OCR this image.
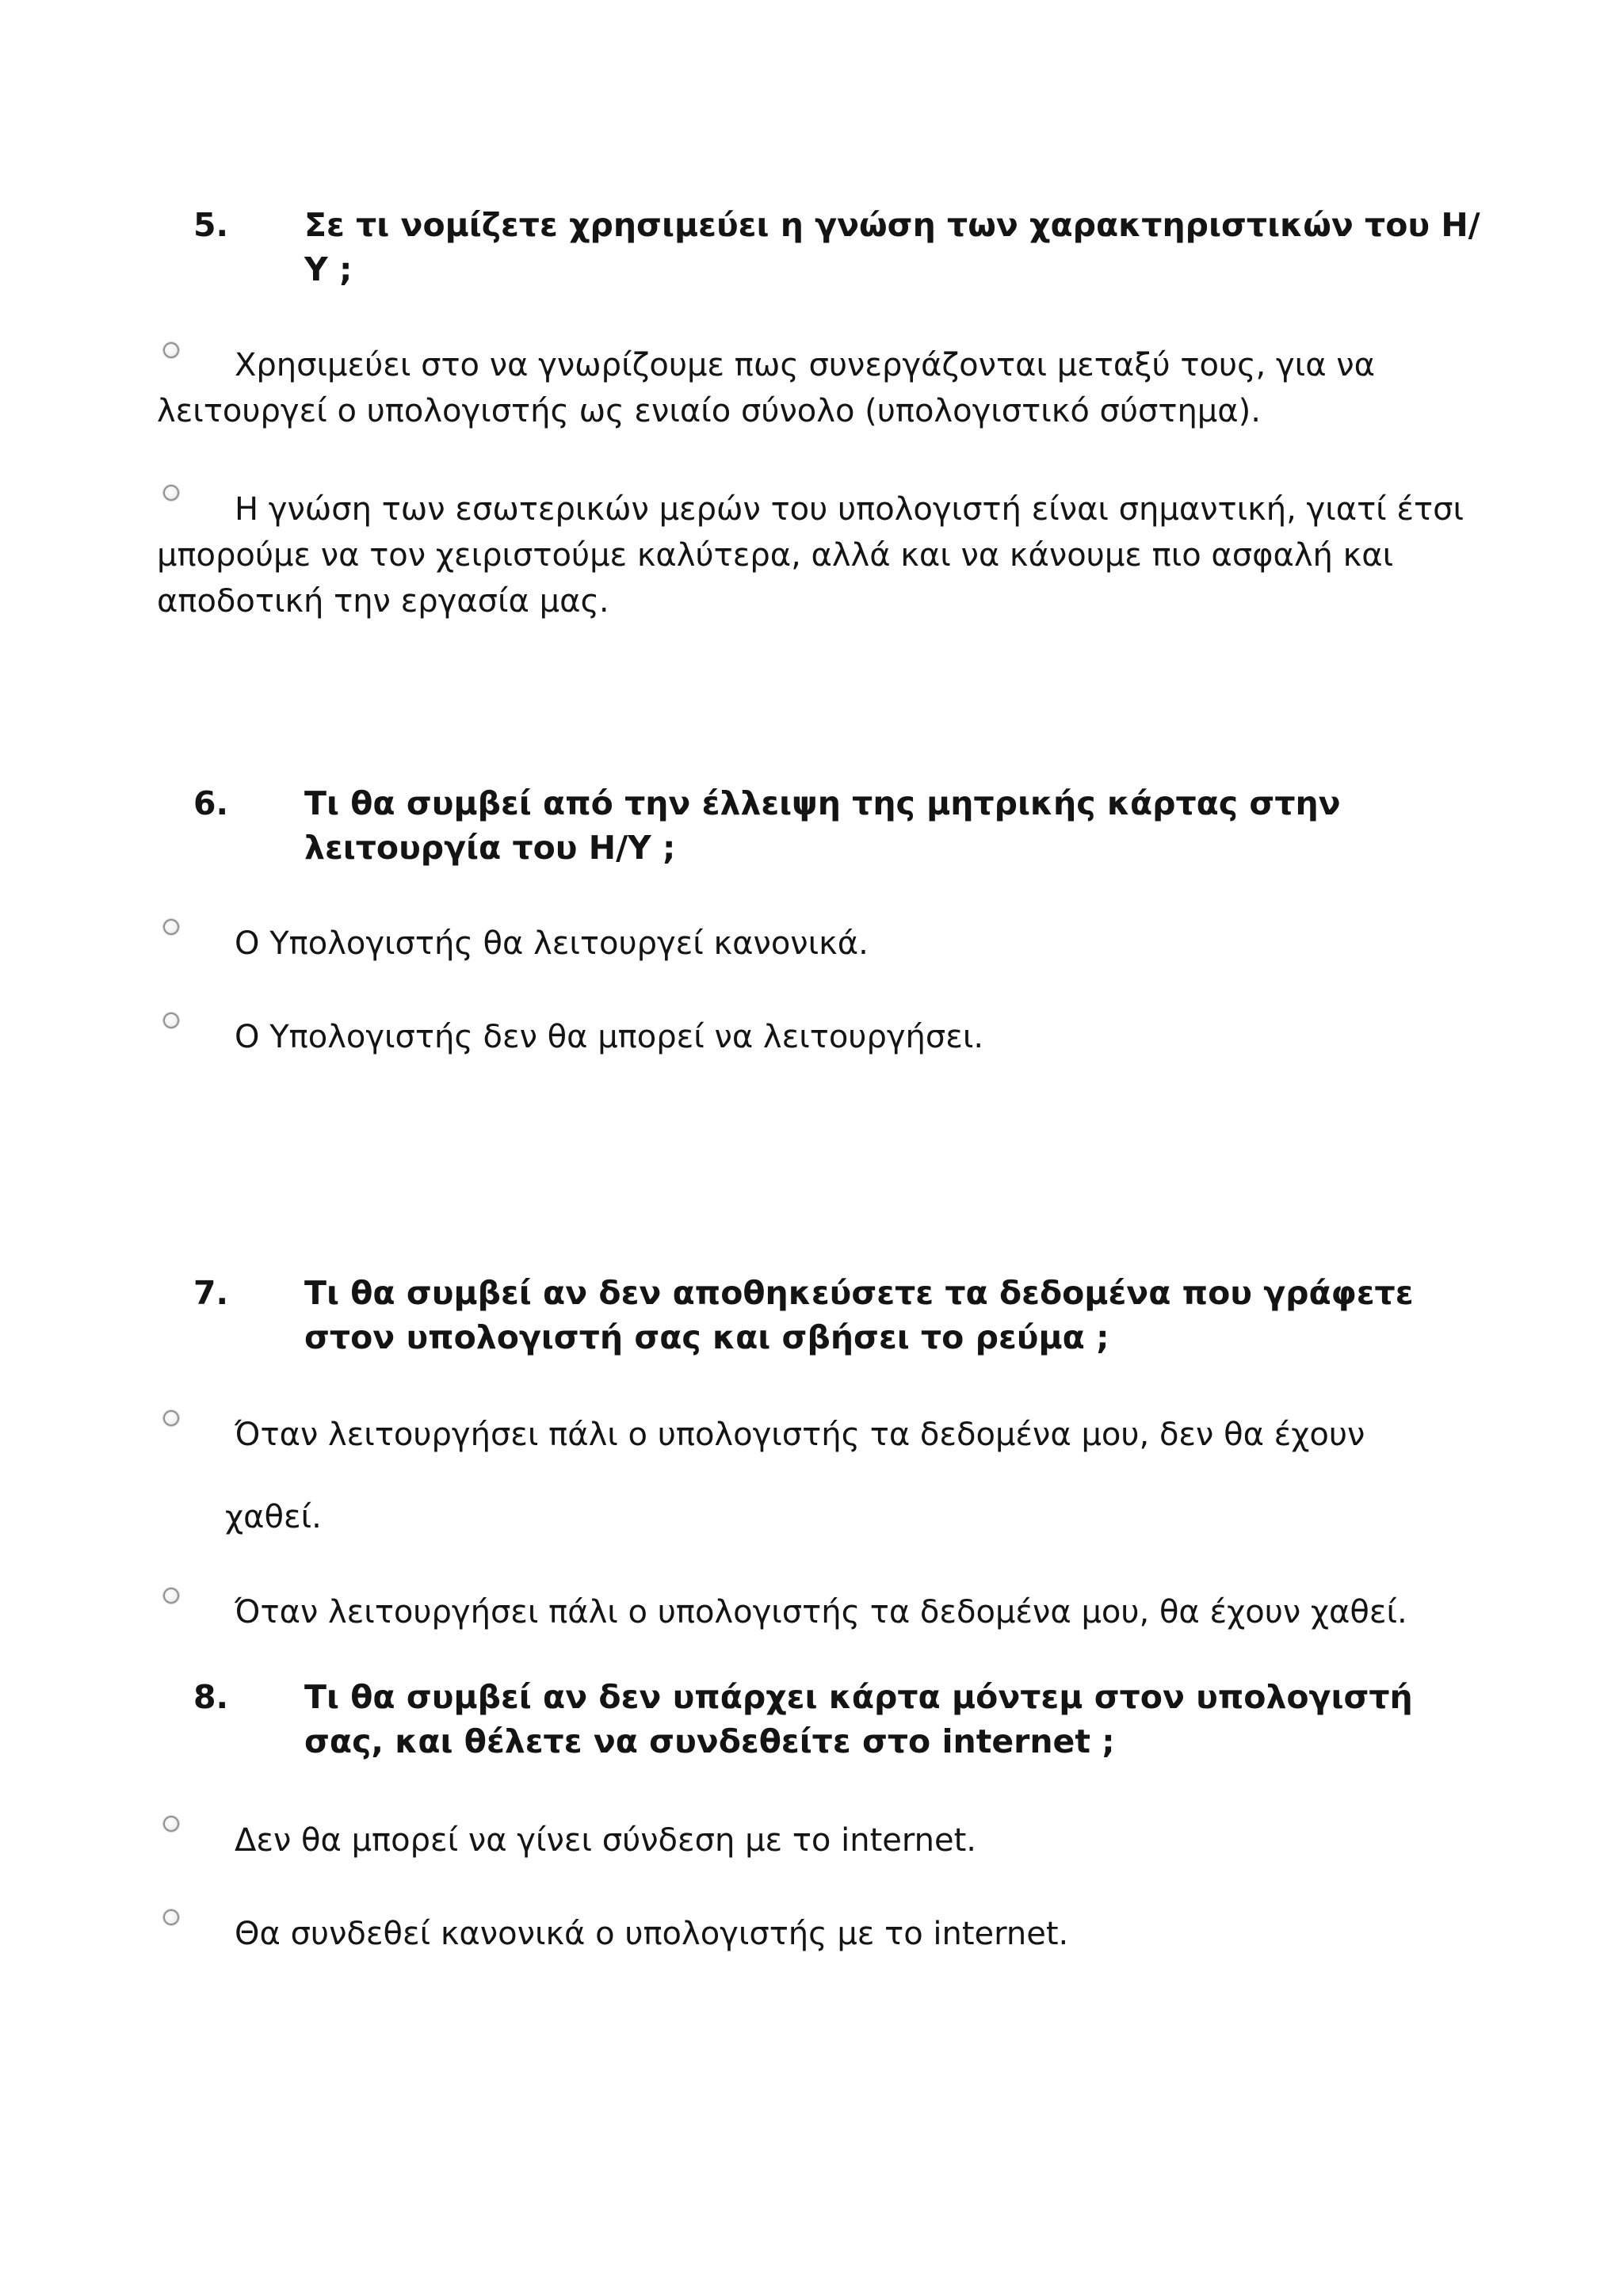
5.	Σε τι νομίζετε χρησιμεύει η γνώση των χαρακτηριστικών του Η/Υ ;
Χρησιμεύει στο να γνωρίζουμε πως συνεργάζονται μεταξύ τους, για να λειτουργεί ο υπολογιστής ως ενιαίο σύνολο (υπολογιστικό σύστημα).
Η γνώση των εσωτερικών μερών του υπολογιστή είναι σημαντική, γιατί έτσι μπορούμε να τον χειριστούμε καλύτερα, αλλά και να κάνουμε πιο ασφαλή και αποδοτική την εργασία μας.
6.	Τι θα συμβεί από την έλλειψη της μητρικής κάρτας στην λειτουργία του Η/Υ ;
Ο Υπολογιστής θα λειτουργεί κανονικά.
Ο Υπολογιστής δεν θα μπορεί να λειτουργήσει.
7.	Τι θα συμβεί αν δεν αποθηκεύσετε τα δεδομένα που γράφετε στον υπολογιστή σας και σβήσει το ρεύμα ;
Όταν λειτουργήσει πάλι ο υπολογιστής τα δεδομένα μου, δεν θα έχουν
χαθεί.
Όταν λειτουργήσει πάλι ο υπολογιστής τα δεδομένα μου, θα έχουν χαθεί.
8.	Τι θα συμβεί αν δεν υπάρχει κάρτα μόντεμ στον υπολογιστή σας, και θέλετε να συνδεθείτε στο internet ;
Δεν θα μπορεί να γίνει σύνδεση με το internet.
Θα συνδεθεί κανονικά ο υπολογιστής με το internet.
